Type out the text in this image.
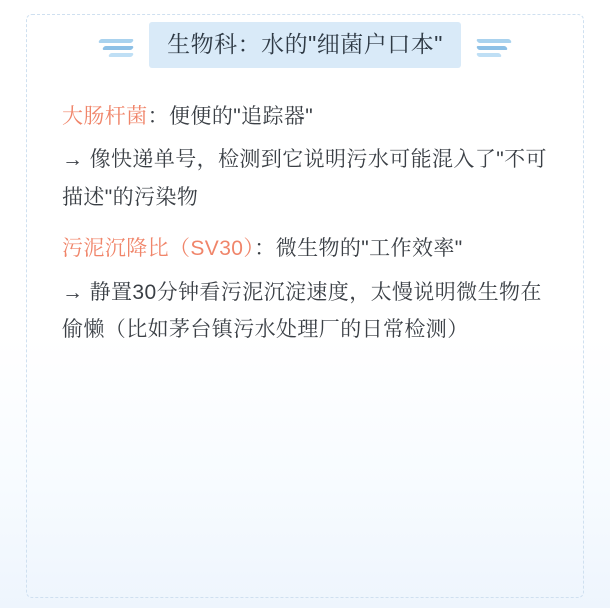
生物科：水的"细菌户口本"

大肠杆菌：便便的"追踪器"

→ 像快递单号，检测到它说明污水可能混入了"不可描述"的污染物

污泥沉降比（SV30）：微生物的"工作效率"

→ 静置30分钟看污泥沉淀速度，太慢说明微生物在偷懒（比如茅台镇污水处理厂的日常检测）
